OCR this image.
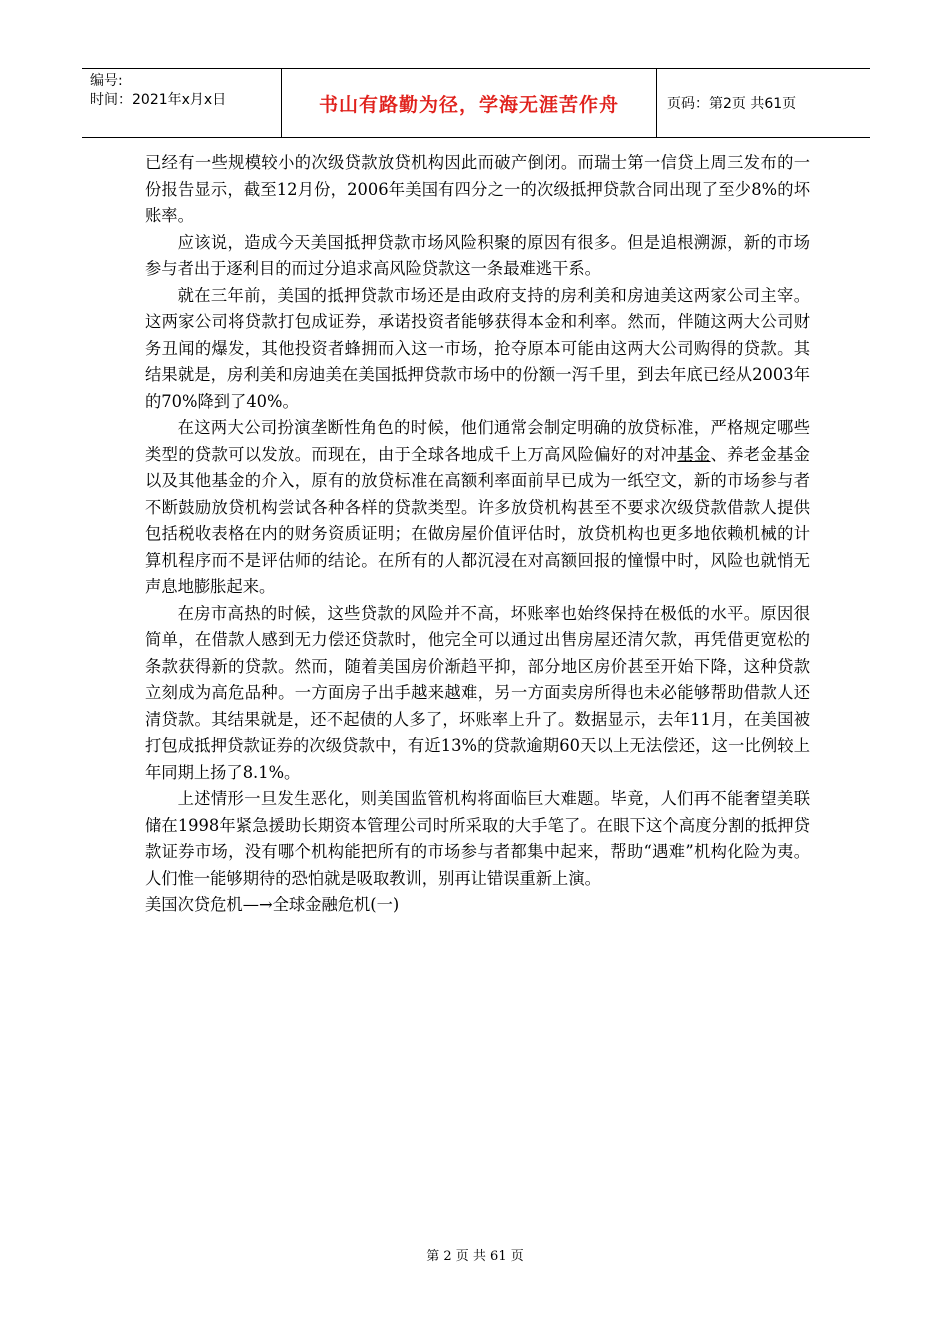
编号:
时间：2021年x月x日	书山有路勤为径，学海无涯苦作舟	页码：第2页 共61页

已经有一些规模较小的次级贷款放贷机构因此而破产倒闭。而瑞士第一信贷上周三发布的一份报告显示，截至12月份，2006年美国有四分之一的次级抵押贷款合同出现了至少8%的坏账率。

应该说，造成今天美国抵押贷款市场风险积聚的原因有很多。但是追根溯源，新的市场参与者出于逐利目的而过分追求高风险贷款这一条最难逃干系。

就在三年前，美国的抵押贷款市场还是由政府支持的房利美和房迪美这两家公司主宰。这两家公司将贷款打包成证券，承诺投资者能够获得本金和利率。然而，伴随这两大公司财务丑闻的爆发，其他投资者蜂拥而入这一市场，抢夺原本可能由这两大公司购得的贷款。其结果就是，房利美和房迪美在美国抵押贷款市场中的份额一泻千里，到去年底已经从2003年的70%降到了40%。

在这两大公司扮演垄断性角色的时候，他们通常会制定明确的放贷标准，严格规定哪些类型的贷款可以发放。而现在，由于全球各地成千上万高风险偏好的对冲基金、养老金基金以及其他基金的介入，原有的放贷标准在高额利率面前早已成为一纸空文，新的市场参与者不断鼓励放贷机构尝试各种各样的贷款类型。许多放贷机构甚至不要求次级贷款借款人提供包括税收表格在内的财务资质证明；在做房屋价值评估时，放贷机构也更多地依赖机械的计算机程序而不是评估师的结论。在所有的人都沉浸在对高额回报的憧憬中时，风险也就悄无声息地膨胀起来。

在房市高热的时候，这些贷款的风险并不高，坏账率也始终保持在极低的水平。原因很简单，在借款人感到无力偿还贷款时，他完全可以通过出售房屋还清欠款，再凭借更宽松的条款获得新的贷款。然而，随着美国房价渐趋平抑，部分地区房价甚至开始下降，这种贷款立刻成为高危品种。一方面房子出手越来越难，另一方面卖房所得也未必能够帮助借款人还清贷款。其结果就是，还不起债的人多了，坏账率上升了。数据显示，去年11月，在美国被打包成抵押贷款证券的次级贷款中，有近13%的贷款逾期60天以上无法偿还，这一比例较上年同期上扬了8.1%。

上述情形一旦发生恶化，则美国监管机构将面临巨大难题。毕竟，人们再不能奢望美联储在1998年紧急援助长期资本管理公司时所采取的大手笔了。在眼下这个高度分割的抵押贷款证券市场，没有哪个机构能把所有的市场参与者都集中起来，帮助“遇难”机构化险为夷。人们惟一能够期待的恐怕就是吸取教训，别再让错误重新上演。

美国次贷危机—→全球金融危机(一)

第 2 页 共 61 页
